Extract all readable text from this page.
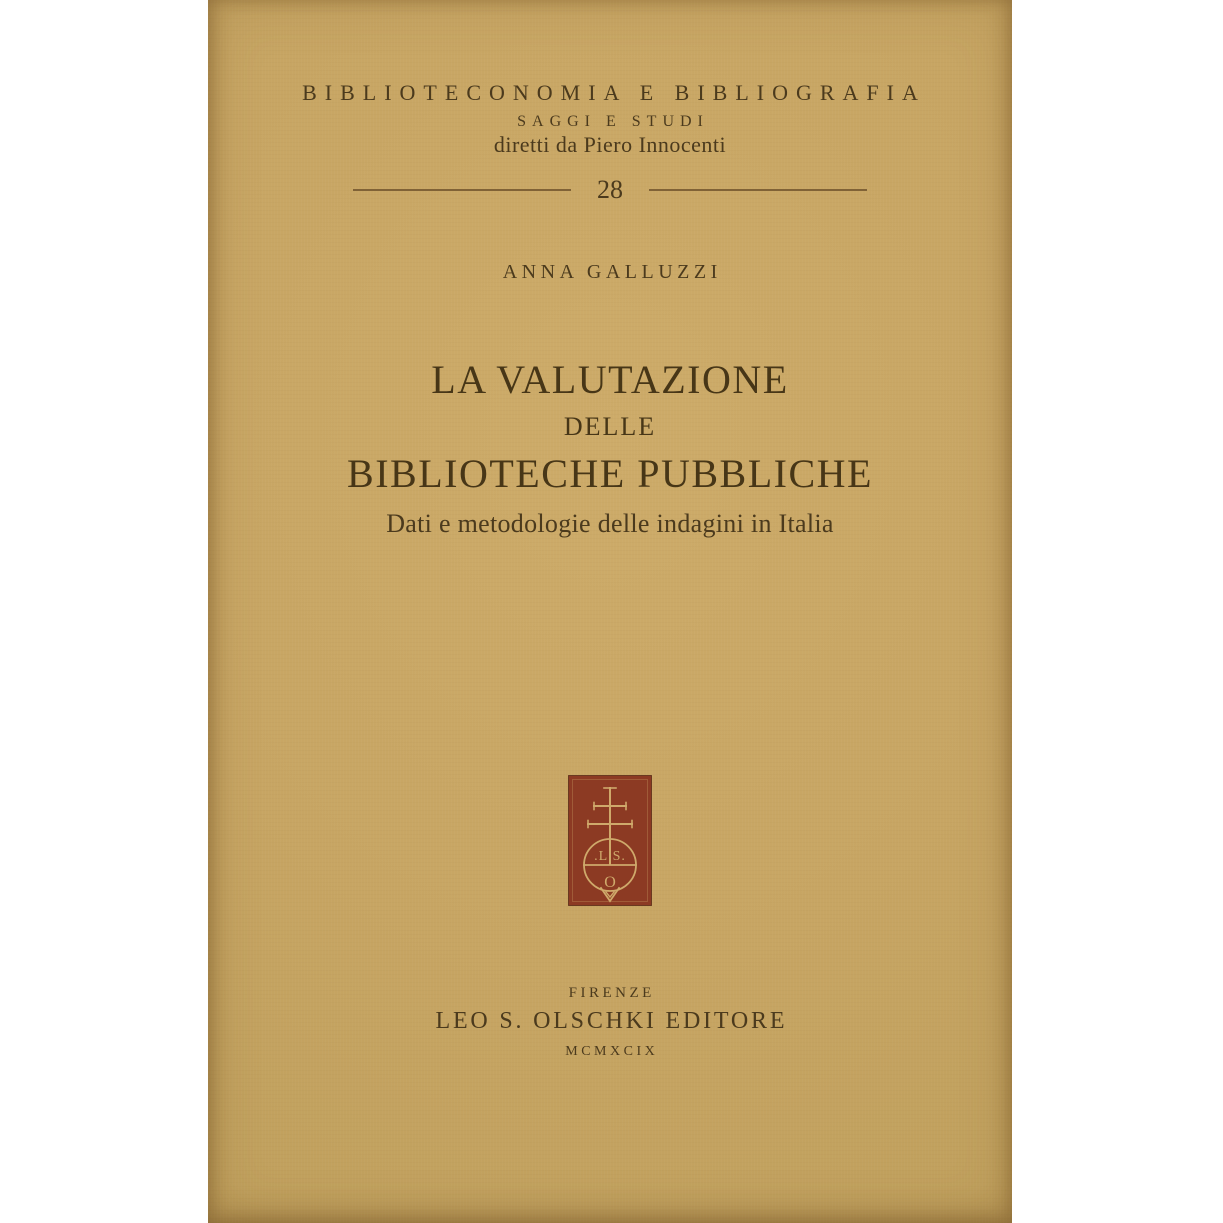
BIBLIOTECONOMIA E BIBLIOGRAFIA
SAGGI E STUDI
diretti da Piero Innocenti
28
ANNA GALLUZZI
LA VALUTAZIONE
DELLE
BIBLIOTECHE PUBBLICHE
Dati e metodologie delle indagini in Italia
.L.S.
O
FIRENZE
LEO S. OLSCHKI EDITORE
MCMXCIX
